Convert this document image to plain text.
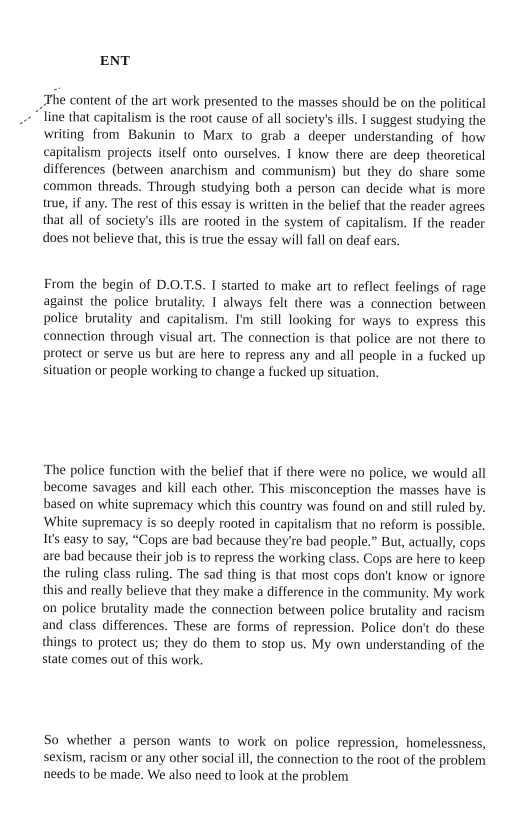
ENT

The content of the art work presented to the masses should be on the political line that capitalism is the root cause of all society's ills. I suggest studying the writing from Bakunin to Marx to grab a deeper understanding of how capitalism projects itself onto ourselves. I know there are deep theoretical differences (between anarchism and communism) but they do share some common threads. Through studying both a person can decide what is more true, if any. The rest of this essay is written in the belief that the reader agrees that all of society's ills are rooted in the system of capitalism. If the reader does not believe that, this is true the essay will fall on deaf ears.

From the begin of D.O.T.S. I started to make art to reflect feelings of rage against the police brutality. I always felt there was a connection between police brutality and capitalism. I'm still looking for ways to express this connection through visual art. The connection is that police are not there to protect or serve us but are here to repress any and all people in a fucked up situation or people working to change a fucked up situation.

The police function with the belief that if there were no police, we would all become savages and kill each other. This misconception the masses have is based on white supremacy which this country was found on and still ruled by. White supremacy is so deeply rooted in capitalism that no reform is possible. It's easy to say, “Cops are bad because they're bad people.” But, actually, cops are bad because their job is to repress the working class. Cops are here to keep the ruling class ruling. The sad thing is that most cops don't know or ignore this and really believe that they make a difference in the community. My work on police brutality made the connection between police brutality and racism and class differences. These are forms of repression. Police don't do these things to protect us; they do them to stop us. My own understanding of the state comes out of this work.

So whether a person wants to work on police repression, homelessness, sexism, racism or any other social ill, the connection to the root of the problem needs to be made. We also need to look at the problem
